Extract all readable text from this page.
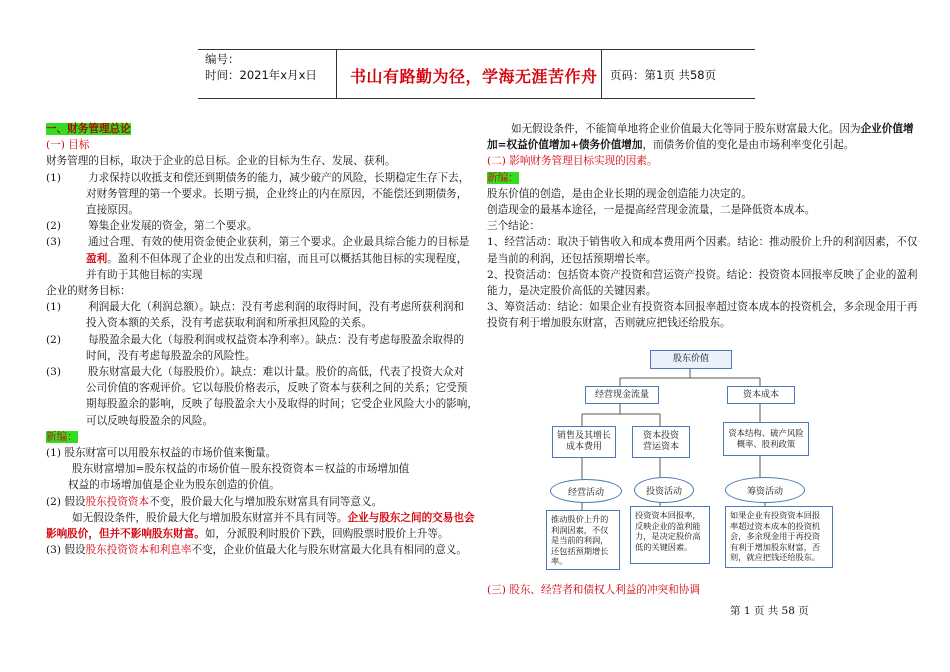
编号：
时间：2021年x月x日 书山有路勤为径，学海无涯苦作舟 页码：第1页 共58页

一、财务管理总论

(一) 目标

财务管理的目标，取决于企业的总目标。企业的目标为生存、发展、获利。

(1)	力求保持以收抵支和偿还到期债务的能力，减少破产的风险，长期稳定生存下去，

对财务管理的第一个要求。长期亏损，企业终止的内在原因，不能偿还到期债务，

直接原因。

(2)	筹集企业发展的资金，第二个要求。

(3)	通过合理、有效的使用资金使企业获利，第三个要求。企业最具综合能力的目标是

盈利。盈利不但体现了企业的出发点和归宿，而且可以概括其他目标的实现程度，

并有助于其他目标的实现

企业的财务目标：

(1)	利润最大化（利润总额）。缺点：没有考虑利润的取得时间，没有考虑所获利润和

投入资本额的关系，没有考虑获取利润和所承担风险的关系。

(2)	每股盈余最大化（每股利润或权益资本净利率）。缺点：没有考虑每股盈余取得的

时间，没有考虑每股盈余的风险性。

(3)	股东财富最大化（每股股价）。缺点：难以计量。股价的高低，代表了投资大众对

公司价值的客观评价。它以每股价格表示，反映了资本与获利之间的关系；它受预

期每股盈余的影响，反映了每股盈余大小及取得的时间；它受企业风险大小的影响，

可以反映每股盈余的风险。

新编：

(1) 股东财富可以用股东权益的市场价值来衡量。

股东财富增加=股东权益的市场价值－股东投资资本＝权益的市场增加值

权益的市场增加值是企业为股东创造的价值。

(2) 假设股东投资资本不变，股价最大化与增加股东财富具有同等意义。

如无假设条件，股价最大化与增加股东财富并不具有同等。企业与股东之间的交易也会

影响股价，但并不影响股东财富。如，分派股利时股价下跌，回购股票时股价上升等。

(3) 假设股东投资资本和利息率不变，企业价值最大化与股东财富最大化具有相同的意义。

如无假设条件，不能简单地将企业价值最大化等同于股东财富最大化。因为企业价值增

加=权益价值增加+债务价值增加，而债务价值的变化是由市场利率变化引起。

(二) 影响财务管理目标实现的因素。

新编：

股东价值的创造，是由企业长期的现金创造能力决定的。

创造现金的最基本途径，一是提高经营现金流量，二是降低资本成本。

三个结论：

1、经营活动：取决于销售收入和成本费用两个因素。结论：推动股价上升的利润因素，不仅

是当前的利润，还包括预期增长率。

2、投资活动：包括资本资产投资和营运资产投资。结论：投资资本回报率反映了企业的盈利

能力，是决定股价高低的关键因素。

3、筹资活动：结论：如果企业有投资资本回报率超过资本成本的投资机会，多余现金用于再

投资有利于增加股东财富，否则就应把钱还给股东。

股东价值
经营现金流量	资本成本
销售及其增长
成本费用
资本投资
营运资本
资本结构、破产风险
概率、股利政策
经营活动	投资活动	筹资活动
推动股价上升的利润因素，不仅是当前的利润，还包括预期增长率。
投资资本回报率，反映企业的盈利能力，是决定股价高低的关键因素。
如果企业有投资资本回报率超过资本成本的投资机会，多余现金用于再投资有利于增加股东财富，否则，就应把钱还给股东。
(三) 股东、经营者和债权人利益的冲突和协调
第 1 页 共 58 页
